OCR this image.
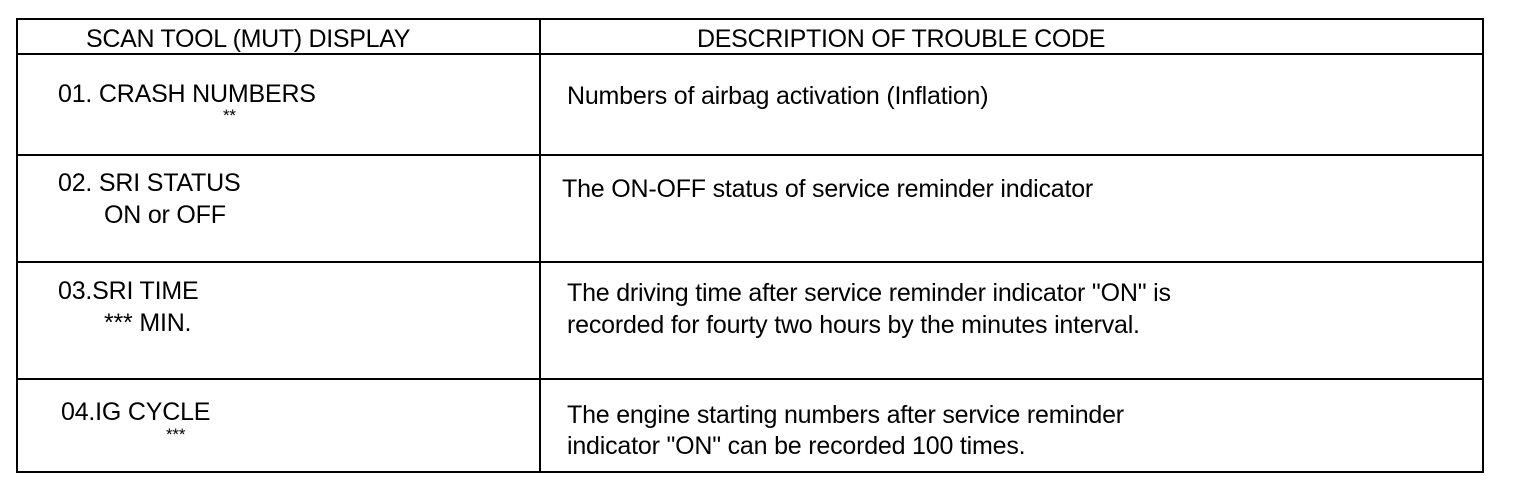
SCAN TOOL (MUT) DISPLAY	DESCRIPTION OF TROUBLE CODE
01. CRASH NUMBERS
**
Numbers of airbag activation (Inflation)
02. SRI STATUS
ON or OFF
The ON-OFF status of service reminder indicator
03.SRI TIME
*** MIN.
The driving time after service reminder indicator "ON" is
recorded for fourty two hours by the minutes interval.
04.IG CYCLE
***
The engine starting numbers after service reminder
indicator "ON" can be recorded 100 times.
